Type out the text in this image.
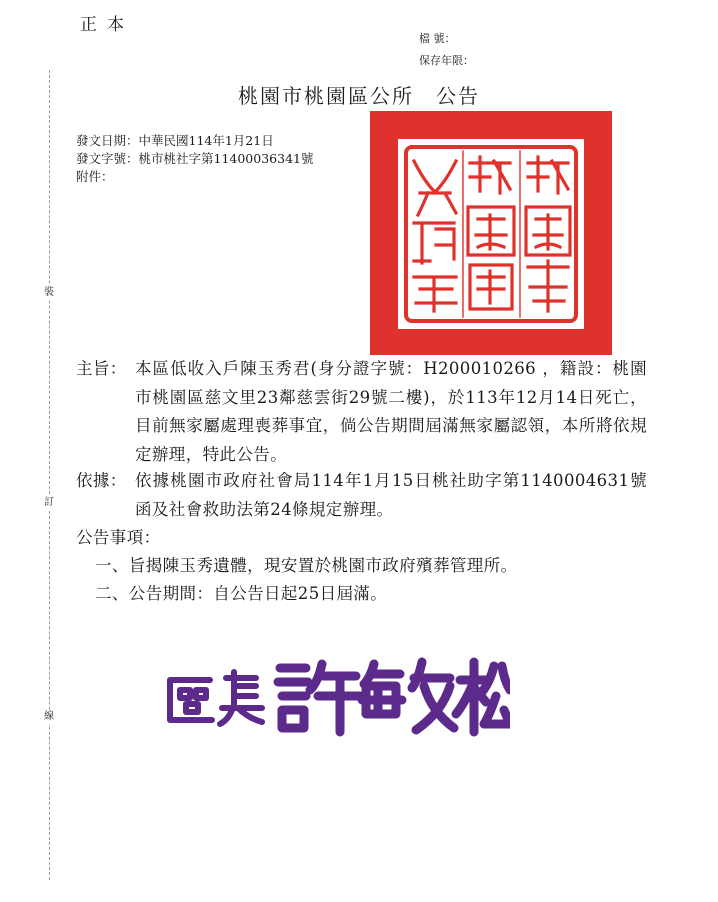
裝
訂
線
正本
檔 號：
保存年限：
桃園市桃園區公所 公告
發文日期：中華民國114年1月21日
發文字號：桃市桃社字第11400036341號
附件：
主旨： 本區低收入戶陳玉秀君(身分證字號：H200010266 ，籍設：桃園市桃園區慈文里23鄰慈雲街29號二樓)，於113年12月14日死亡，目前無家屬處理喪葬事宜，倘公告期間屆滿無家屬認領，本所將依規定辦理，特此公告。
依據： 依據桃園市政府社會局114年1月15日桃社助字第1140004631號函及社會救助法第24條規定辦理。
公告事項：
一、旨揭陳玉秀遺體，現安置於桃園市政府殯葬管理所。
二、公告期間：自公告日起25日屆滿。
